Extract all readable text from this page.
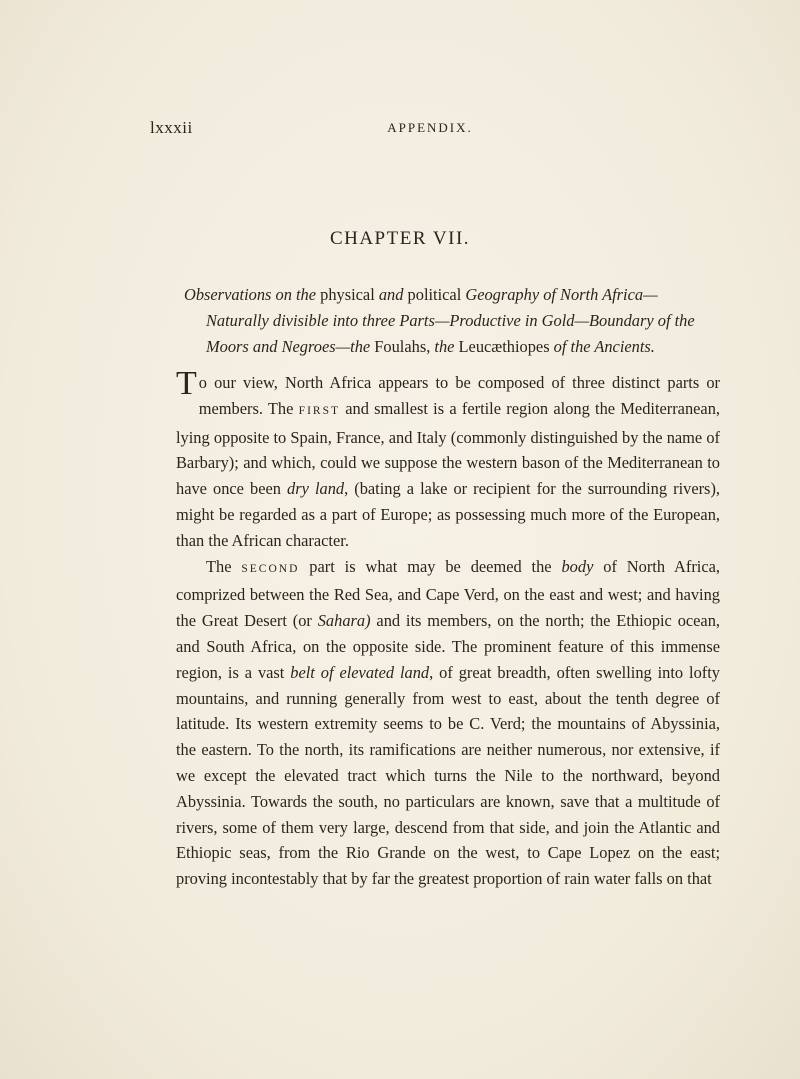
lxxxii	APPENDIX.
CHAPTER VII.
Observations on the physical and political Geography of North Africa—Naturally divisible into three Parts—Productive in Gold—Boundary of the Moors and Negroes—the Foulahs, the Leucæthiopes of the Ancients.

To our view, North Africa appears to be composed of three distinct parts or members. The FIRST and smallest is a fertile region along the Mediterranean, lying opposite to Spain, France, and Italy (commonly distinguished by the name of Barbary); and which, could we suppose the western bason of the Mediterranean to have once been dry land, (bating a lake or recipient for the surrounding rivers), might be regarded as a part of Europe; as possessing much more of the European, than the African character.

The SECOND part is what may be deemed the body of North Africa, comprized between the Red Sea, and Cape Verd, on the east and west; and having the Great Desert (or Sahara) and its members, on the north; the Ethiopic ocean, and South Africa, on the opposite side. The prominent feature of this immense region, is a vast belt of elevated land, of great breadth, often swelling into lofty mountains, and running generally from west to east, about the tenth degree of latitude. Its western extremity seems to be C. Verd; the mountains of Abyssinia, the eastern. To the north, its ramifications are neither numerous, nor extensive, if we except the elevated tract which turns the Nile to the northward, beyond Abyssinia. Towards the south, no particulars are known, save that a multitude of rivers, some of them very large, descend from that side, and join the Atlantic and Ethiopic seas, from the Rio Grande on the west, to Cape Lopez on the east; proving incontestably that by far the greatest proportion of rain water falls on that
